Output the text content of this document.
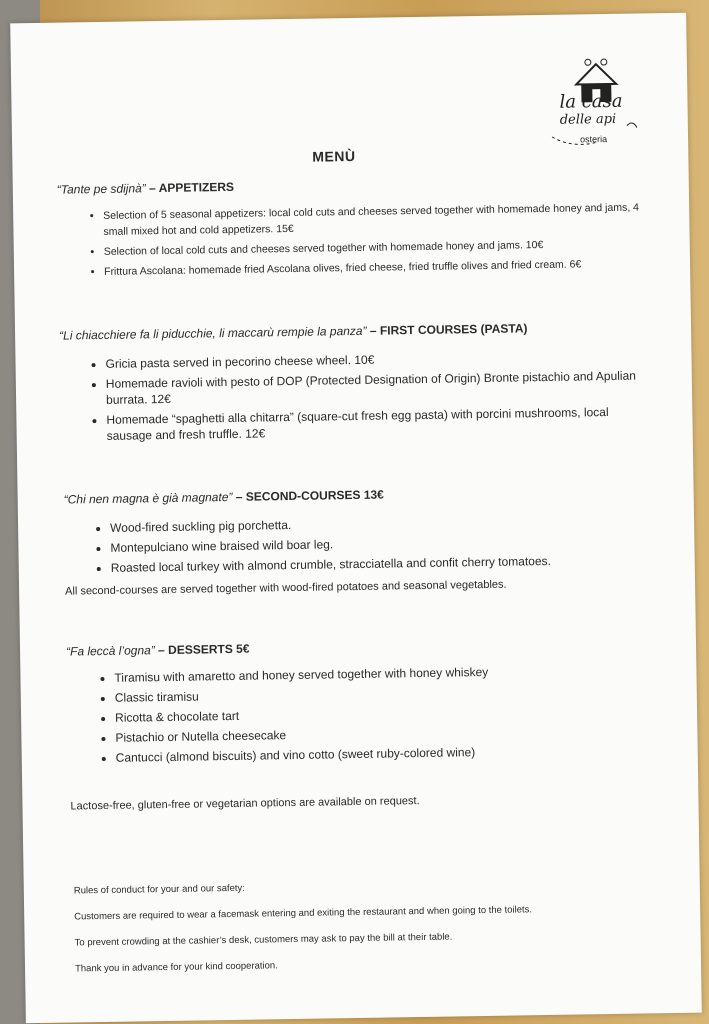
la casa
delle api
osteria
MENÙ
“Tante pe sdijnà” – APPETIZERS
• Selection of 5 seasonal appetizers: local cold cuts and cheeses served together with homemade honey and jams, 4 small mixed hot and cold appetizers. 15€
• Selection of local cold cuts and cheeses served together with homemade honey and jams. 10€
• Frittura Ascolana: homemade fried Ascolana olives, fried cheese, fried truffle olives and fried cream. 6€
“Li chiacchiere fa li piducchie, li maccarù rempie la panza” – FIRST COURSES (PASTA)
• Gricia pasta served in pecorino cheese wheel. 10€
• Homemade ravioli with pesto of DOP (Protected Designation of Origin) Bronte pistachio and Apulian burrata. 12€
• Homemade “spaghetti alla chitarra” (square-cut fresh egg pasta) with porcini mushrooms, local sausage and fresh truffle. 12€
“Chi nen magna è già magnate” – SECOND-COURSES 13€
• Wood-fired suckling pig porchetta.
• Montepulciano wine braised wild boar leg.
• Roasted local turkey with almond crumble, stracciatella and confit cherry tomatoes.
All second-courses are served together with wood-fired potatoes and seasonal vegetables.
“Fa leccà l’ogna” – DESSERTS 5€
• Tiramisu with amaretto and honey served together with honey whiskey
• Classic tiramisu
• Ricotta & chocolate tart
• Pistachio or Nutella cheesecake
• Cantucci (almond biscuits) and vino cotto (sweet ruby-colored wine)
Lactose-free, gluten-free or vegetarian options are available on request.
Rules of conduct for your and our safety:
Customers are required to wear a facemask entering and exiting the restaurant and when going to the toilets.
To prevent crowding at the cashier’s desk, customers may ask to pay the bill at their table.
Thank you in advance for your kind cooperation.
